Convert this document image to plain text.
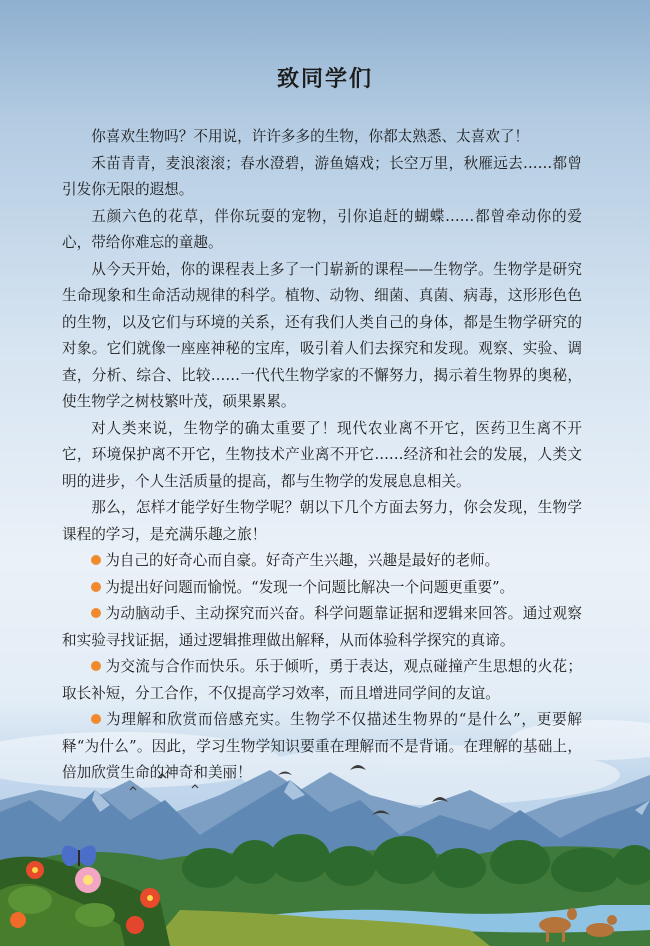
致同学们

你喜欢生物吗？不用说，许许多多的生物，你都太熟悉、太喜欢了！

禾苗青青，麦浪滚滚；春水澄碧，游鱼嬉戏；长空万里，秋雁远去……都曾引发你无限的遐想。

五颜六色的花草，伴你玩耍的宠物，引你追赶的蝴蝶……都曾牵动你的爱心，带给你难忘的童趣。

从今天开始，你的课程表上多了一门崭新的课程——生物学。生物学是研究生命现象和生命活动规律的科学。植物、动物、细菌、真菌、病毒，这形形色色的生物，以及它们与环境的关系，还有我们人类自己的身体，都是生物学研究的对象。它们就像一座座神秘的宝库，吸引着人们去探究和发现。观察、实验、调查，分析、综合、比较……一代代生物学家的不懈努力，揭示着生物界的奥秘，使生物学之树枝繁叶茂，硕果累累。

对人类来说，生物学的确太重要了！现代农业离不开它，医药卫生离不开它，环境保护离不开它，生物技术产业离不开它……经济和社会的发展，人类文明的进步，个人生活质量的提高，都与生物学的发展息息相关。

那么，怎样才能学好生物学呢？朝以下几个方面去努力，你会发现，生物学课程的学习，是充满乐趣之旅！

为自己的好奇心而自豪。好奇产生兴趣，兴趣是最好的老师。

为提出好问题而愉悦。“发现一个问题比解决一个问题更重要”。

为动脑动手、主动探究而兴奋。科学问题靠证据和逻辑来回答。通过观察和实验寻找证据，通过逻辑推理做出解释，从而体验科学探究的真谛。

为交流与合作而快乐。乐于倾听，勇于表达，观点碰撞产生思想的火花；取长补短，分工合作，不仅提高学习效率，而且增进同学间的友谊。

为理解和欣赏而倍感充实。生物学不仅描述生物界的“是什么”，更要解释“为什么”。因此，学习生物学知识要重在理解而不是背诵。在理解的基础上，倍加欣赏生命的神奇和美丽！
